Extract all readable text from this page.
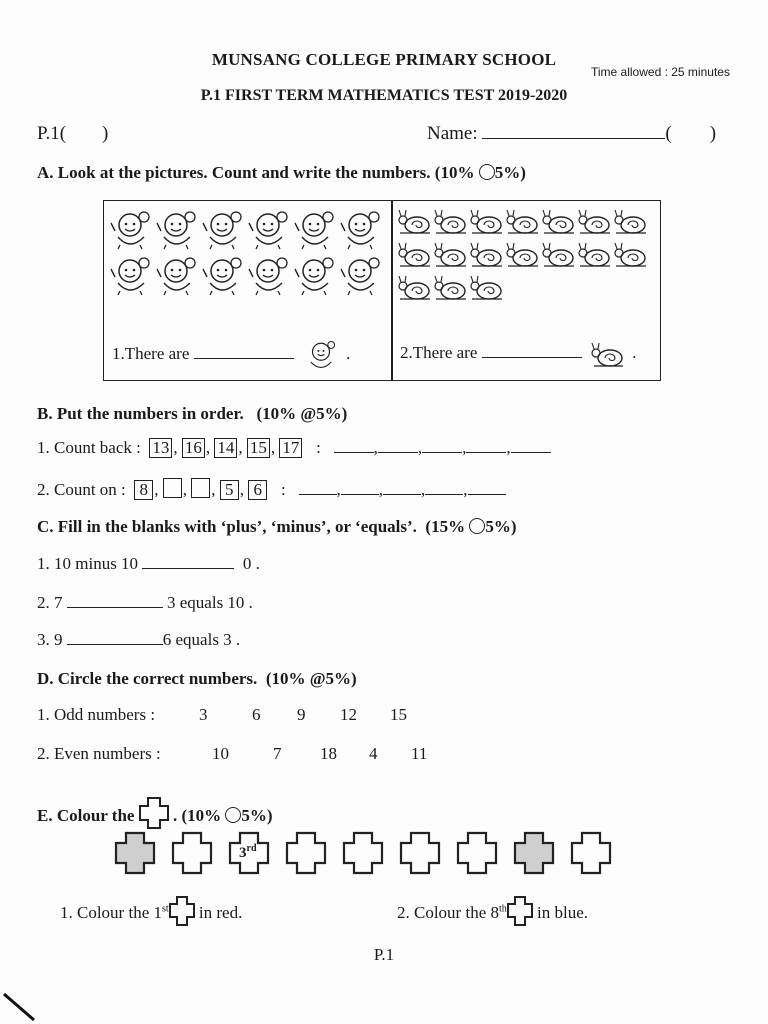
MUNSANG COLLEGE PRIMARY SCHOOL
Time allowed : 25 minutes
P.1 FIRST TERM MATHEMATICS TEST 2019-2020
P.1( )	Name:	( )
A. Look at the pictures. Count and write the numbers. (10% 5%)
1.There are	.	2.There are	.
B. Put the numbers in order. (10% @5%)
1. Count back : 13 , 16 , 14 , 15 , 17 :	, , , ,
2. Count on : 8 , , , 5 , 6 :	, , , ,
C. Fill in the blanks with ‘plus’, ‘minus’, or ‘equals’. (15% 5%)
1. 10 minus 10	0 .
2. 7	3 equals 10 .
3. 9	6 equals 3 .
D. Circle the correct numbers. (10% @5%)
1. Odd numbers :	3	6 9 12 15
2. Even numbers :	10	7 18 4 11
E. Colour the . (10% 5%)
3rd
1. Colour the 1st in red.	2. Colour the 8th in blue.
P.1
